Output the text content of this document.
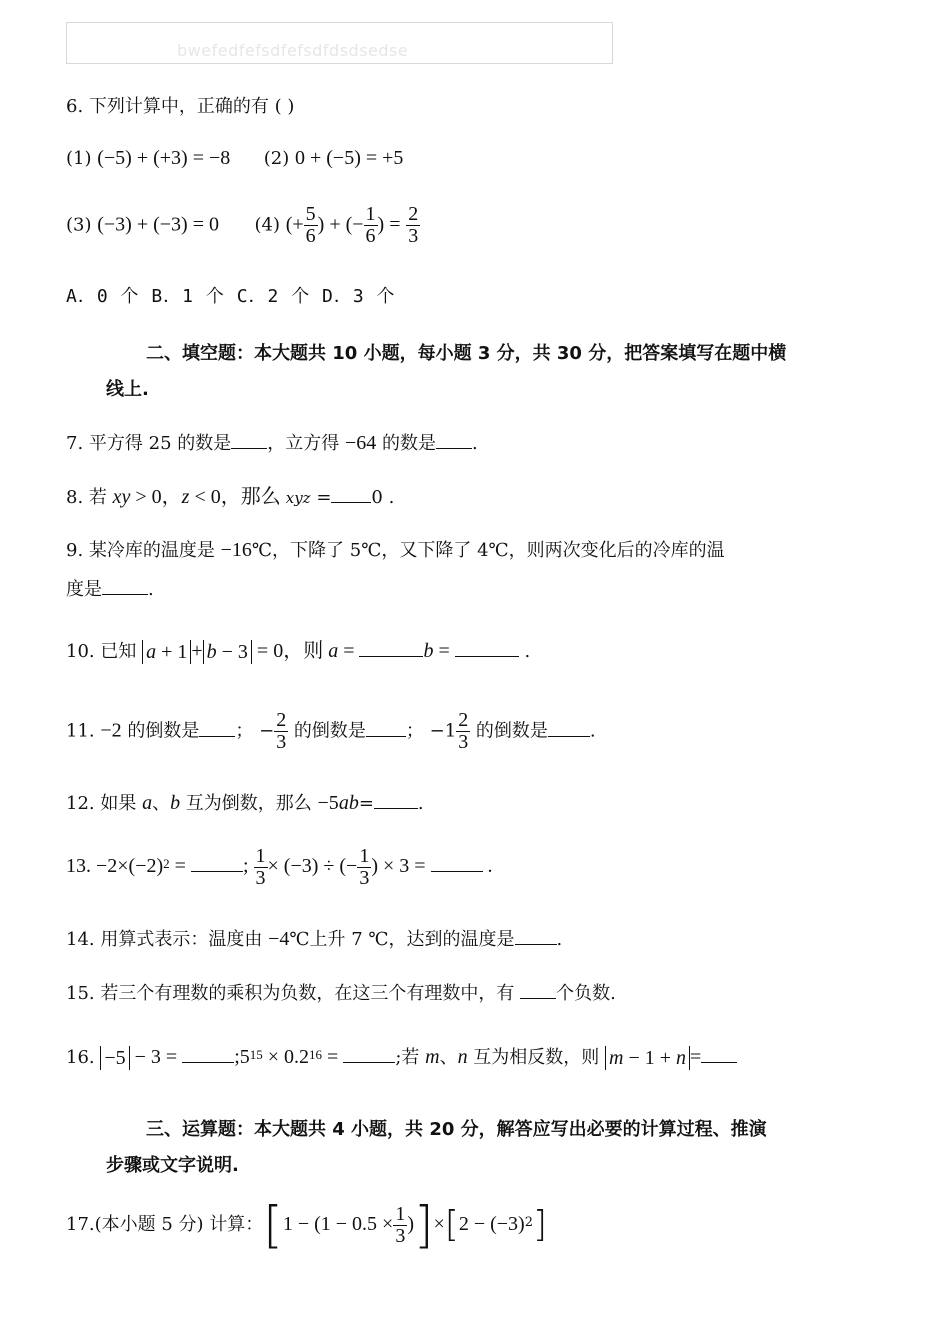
bwefedfefsdfefsdfdsdsedse
6. 下列计算中，正确的有 ( )
(1) (−5) + (+3) = −8 (2) 0 + (−5) = +5
(3) (−3) + (−3) = 0 (4) (+ $\frac{5}{6}$ ) + (− $\frac{1}{6}$ ) = $\frac{2}{3}$
A．0 个 B．1 个 C．2 个 D．3 个
二、填空题：本大题共 10 小题，每小题 3 分，共 30 分，把答案填写在题中横
线上.
7. 平方得 25 的数是 ，立方得 −64 的数是 .
8. 若 xy > 0，z < 0，那么 xyz = 0 .
9. 某冷库的温度是 −16℃，下降了 5℃，又下降了 4℃，则两次变化后的冷库的温
度是	.
10. 已知 a + 1 + b − 3 = 0，则 a =	b =	.
11. −2 的倒数是 ； − $\frac{2}{3}$ 的倒数是 ； $-1 \frac{2}{3}$ 的倒数是 .
12. 如果 a、b 互为倒数，那么 −5ab= .
13. $-2\times(-2)^2$ =	; $\frac{1}{3} \times (-3)$ ÷ (− $\frac{1}{3}$ ) × 3 =	.
14. 用算式表示：温度由 −4℃上升 7 ℃，达到的温度是 .
15. 若三个有理数的乘积为负数，在这三个有理数中，有 个负数.
16. −5 − 3 =	$;5^{15} \times 0.2^{16}$ =	;若 m、n 互为相反数，则 m − 1 + n =
三、运算题：本大题共 4 小题，共 20 分，解答应写出必要的计算过程、推演
步骤或文字说明.
17.(本小题 5 分) 计算：$[1 - (1 - 0.5 \times \frac{1}{3} )]\times[2 - (-3)^2]$
